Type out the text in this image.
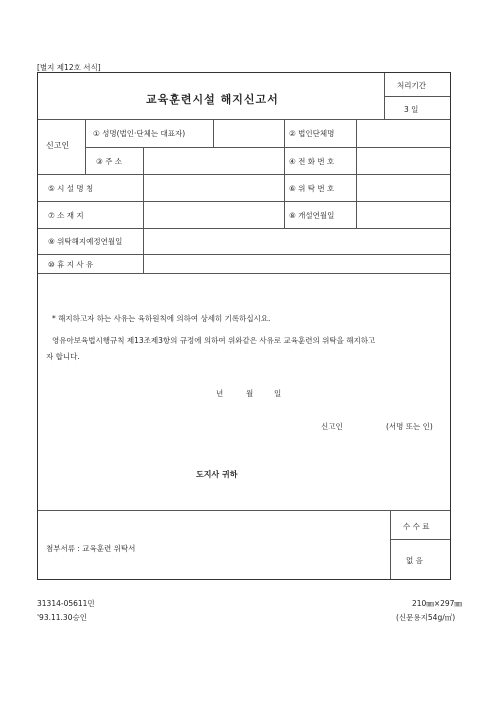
[별지 제12호 서식]
교육훈련시설 해지신고서
처리기간
3 일
신고인
① 성명(법인·단체는 대표자)	② 법인단체명
③ 주 소	④ 전 화 번 호
⑤ 시 설 명 칭	⑥ 위 탁 번 호
⑦ 소 재 지	⑧ 개설연월일
⑨ 위탁해지예정연월일
⑩ 휴 지 사 유
* 해지하고자 하는 사유는 육하원칙에 의하여 상세히 기록하십시요.
영유아보육법시행규칙 제13조제3항의 규정에 의하여 위와같은 사유로 교육훈련의 위탁을 해지하고
자 합니다.
년	월	일
신고인	(서명 또는 인)
도지사 귀하
첨부서류 : 교육훈련 위탁서
수 수 료
없 음
31314-05611민
'93.11.30승인
210㎜×297㎜
(신문용지54g/㎡)
